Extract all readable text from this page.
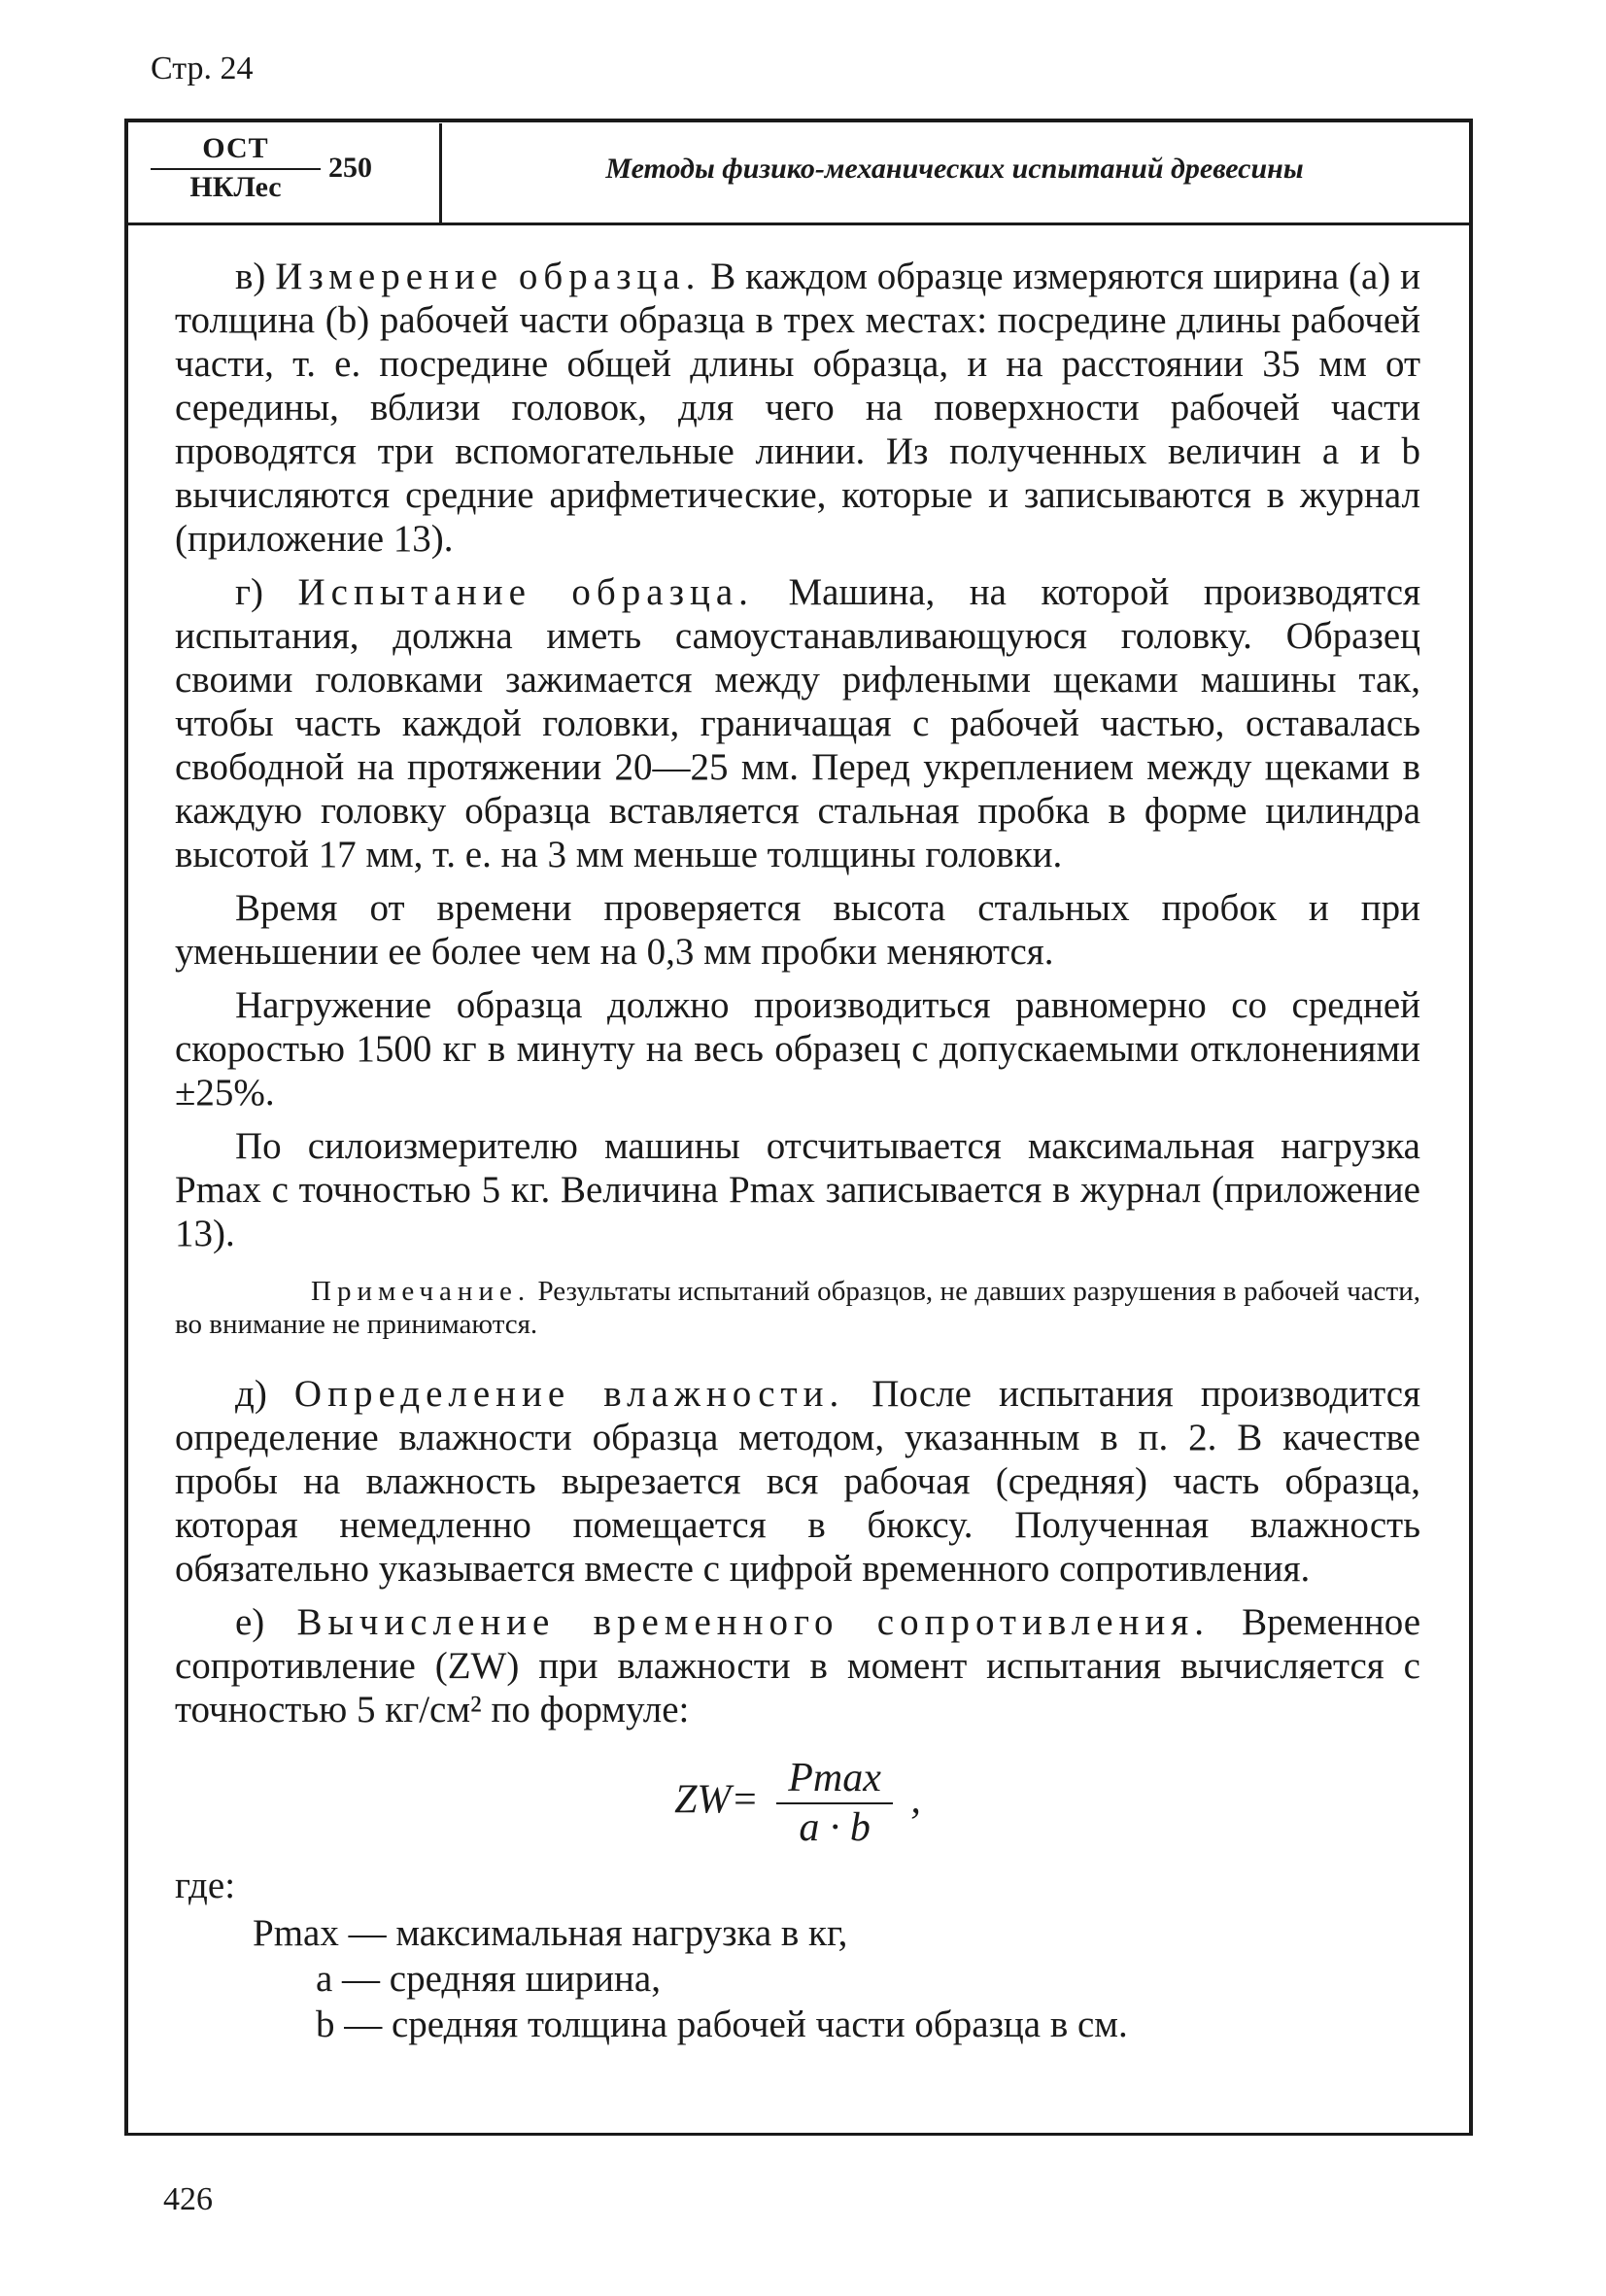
Стр. 24
ОСТ
НКЛес
250	Методы физико-механических испытаний древесины

в) Измерение образца. В каждом образце измеряются ширина (a) и толщина (b) рабочей части образца в трех местах: посредине длины рабочей части, т. е. посредине общей длины образца, и на расстоянии 35 мм от середины, вблизи головок, для чего на поверхности рабочей части проводятся три вспомогательные линии. Из полученных величин a и b вычисляются средние арифметические, которые и записываются в журнал (приложение 13).

г) Испытание образца. Машина, на которой производятся испытания, должна иметь самоустанавливающуюся головку. Образец своими головками зажимается между рифлеными щеками машины так, чтобы часть каждой головки, граничащая с рабочей частью, оставалась свободной на протяжении 20—25 мм. Перед укреплением между щеками в каждую головку образца вставляется стальная пробка в форме цилиндра высотой 17 мм, т. е. на 3 мм меньше толщины головки.

Время от времени проверяется высота стальных пробок и при уменьшении ее более чем на 0,3 мм пробки меняются.

Нагружение образца должно производиться равномерно со средней скоростью 1500 кг в минуту на весь образец с допускаемыми отклонениями ±25%.

По силоизмерителю машины отсчитывается максимальная нагрузка Pmax с точностью 5 кг. Величина Pmax записывается в журнал (приложение 13).

Примечание. Результаты испытаний образцов, не давших разрушения в рабочей части, во внимание не принимаются.

д) Определение влажности. После испытания производится определение влажности образца методом, указанным в п. 2. В качестве пробы на влажность вырезается вся рабочая (средняя) часть образца, которая немедленно помещается в бюксу. Полученная влажность обязательно указывается вместе с цифрой временного сопротивления.

е) Вычисление временного сопротивления. Временное сопротивление (ZW) при влажности в момент испытания вычисляется с точностью 5 кг/см² по формуле:

$ZW= \frac{Pmax}{a \cdot b}$ ,
где:
Pmax — максимальная нагрузка в кг,
a — средняя ширина,
b — средняя толщина рабочей части образца в см.
426
